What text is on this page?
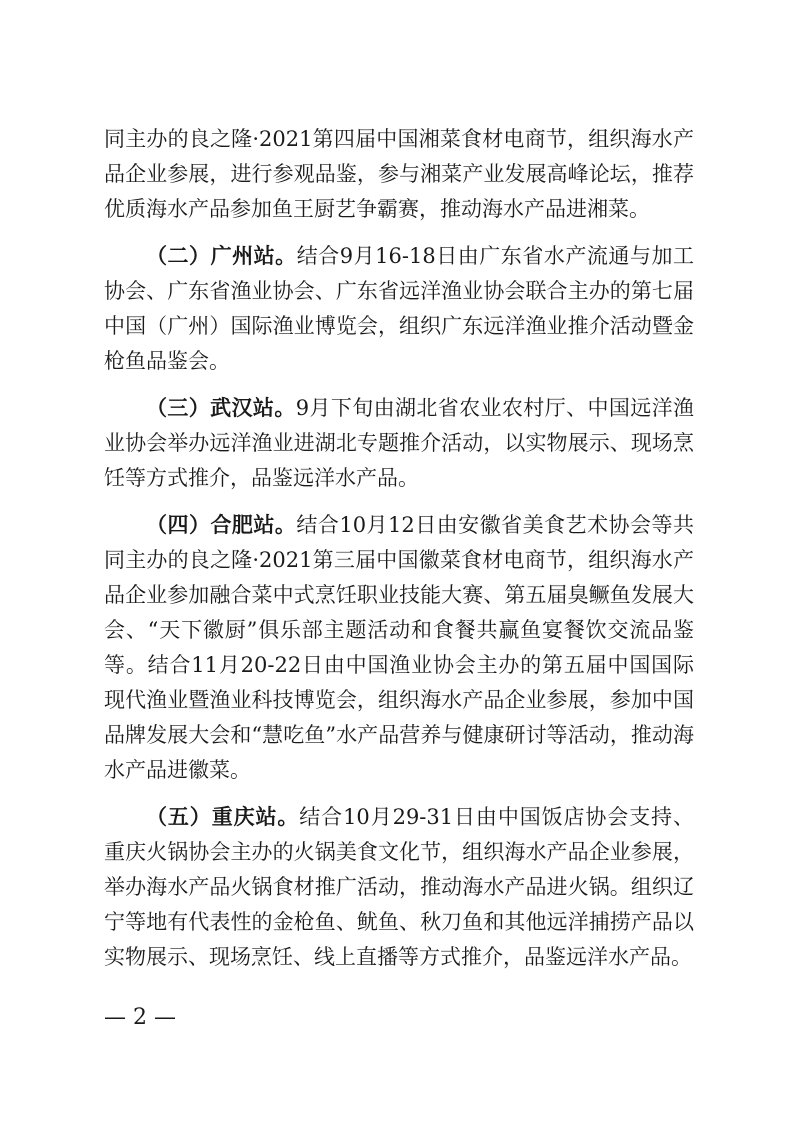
同主办的良之隆·2021第四届中国湘菜食材电商节，组织海水产品企业参展，进行参观品鉴，参与湘菜产业发展高峰论坛，推荐优质海水产品参加鱼王厨艺争霸赛，推动海水产品进湘菜。

（二）广州站。结合9月16-18日由广东省水产流通与加工协会、广东省渔业协会、广东省远洋渔业协会联合主办的第七届中国（广州）国际渔业博览会，组织广东远洋渔业推介活动暨金枪鱼品鉴会。

（三）武汉站。9月下旬由湖北省农业农村厅、中国远洋渔业协会举办远洋渔业进湖北专题推介活动，以实物展示、现场烹饪等方式推介，品鉴远洋水产品。

（四）合肥站。结合10月12日由安徽省美食艺术协会等共同主办的良之隆·2021第三届中国徽菜食材电商节，组织海水产品企业参加融合菜中式烹饪职业技能大赛、第五届臭鳜鱼发展大会、“天下徽厨”俱乐部主题活动和食餐共赢鱼宴餐饮交流品鉴等。结合11月20-22日由中国渔业协会主办的第五届中国国际现代渔业暨渔业科技博览会，组织海水产品企业参展，参加中国品牌发展大会和“慧吃鱼”水产品营养与健康研讨等活动，推动海水产品进徽菜。

（五）重庆站。结合10月29-31日由中国饭店协会支持、重庆火锅协会主办的火锅美食文化节，组织海水产品企业参展，举办海水产品火锅食材推广活动，推动海水产品进火锅。组织辽宁等地有代表性的金枪鱼、鱿鱼、秋刀鱼和其他远洋捕捞产品以实物展示、现场烹饪、线上直播等方式推介，品鉴远洋水产品。

— 2 —
